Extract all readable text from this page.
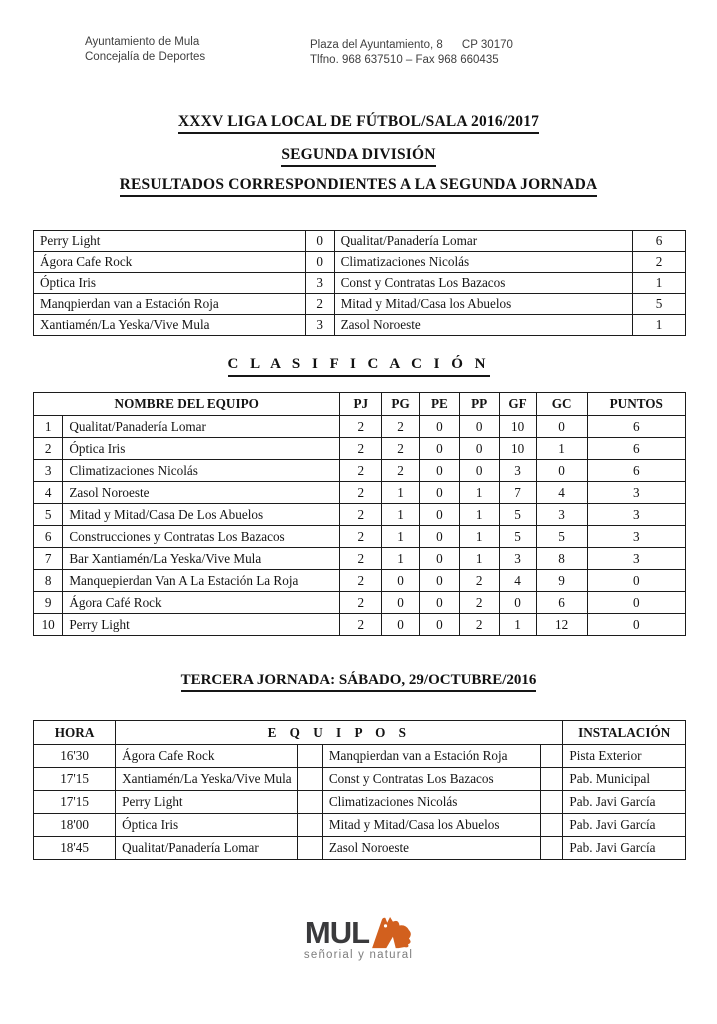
Ayuntamiento de Mula
Concejalía de Deportes
Plaza del Ayuntamiento, 8      CP 30170
Tlfno. 968 637510 – Fax 968 660435
XXXV LIGA LOCAL DE FÚTBOL/SALA 2016/2017
SEGUNDA DIVISIÓN
RESULTADOS CORRESPONDIENTES A LA SEGUNDA JORNADA
Perry Light	0	Qualitat/Panadería Lomar	6
Ágora Cafe Rock	0	Climatizaciones Nicolás	2
Óptica Iris	3	Const y Contratas Los Bazacos	1
Manqpierdan van a Estación Roja	2	Mitad y Mitad/Casa los Abuelos	5
Xantiamén/La Yeska/Vive Mula	3	Zasol Noroeste	1
C L A S I F I C A C I Ó N
NOMBRE DEL EQUIPO		PJ	PG	PE	PP	GF	GC	PUNTOS
1	Qualitat/Panadería Lomar	2	2	0	0	10	0	6
2	Óptica Iris	2	2	0	0	10	1	6
3	Climatizaciones Nicolás	2	2	0	0	3	0	6
4	Zasol Noroeste	2	1	0	1	7	4	3
5	Mitad y Mitad/Casa De Los Abuelos	2	1	0	1	5	3	3
6	Construcciones y Contratas Los Bazacos	2	1	0	1	5	5	3
7	Bar Xantiamén/La Yeska/Vive Mula	2	1	0	1	3	8	3
8	Manquepierdan Van A La Estación La Roja	2	0	0	2	4	9	0
9	Ágora Café Rock	2	0	0	2	0	6	0
10	Perry Light	2	0	0	2	1	12	0
TERCERA JORNADA: SÁBADO, 29/OCTUBRE/2016
HORA	E Q U I P O S				INSTALACIÓN
16'30	Ágora Cafe Rock		Manqpierdan van a Estación Roja		Pista Exterior
17'15	Xantiamén/La Yeska/Vive Mula		Const y Contratas Los Bazacos		Pab. Municipal
17'15	Perry Light		Climatizaciones Nicolás		Pab. Javi García
18'00	Óptica Iris		Mitad y Mitad/Casa los Abuelos		Pab. Javi García
18'45	Qualitat/Panadería Lomar		Zasol Noroeste		Pab. Javi García
MUL
señorial y natural
